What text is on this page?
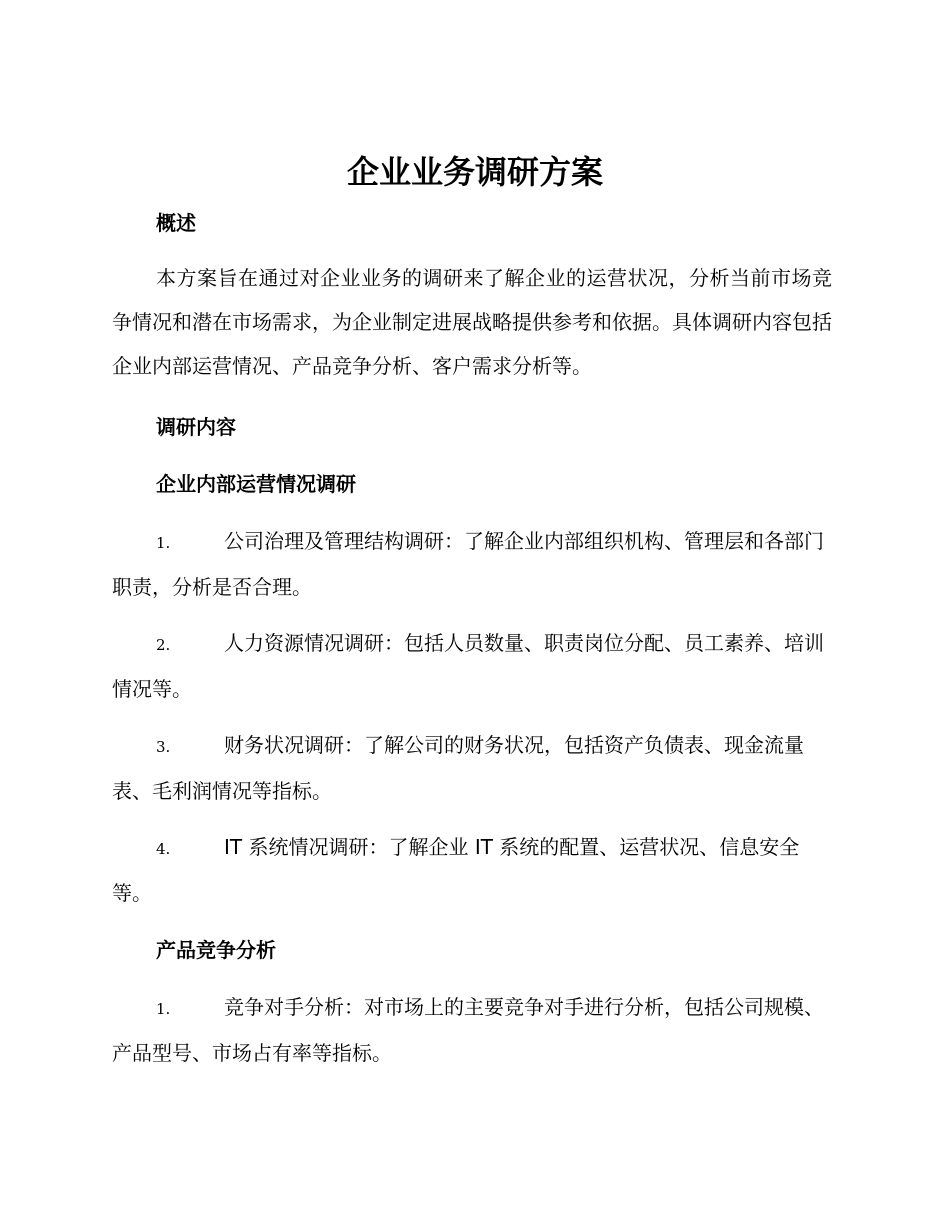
企业业务调研方案
概述
本方案旨在通过对企业业务的调研来了解企业的运营状况，分析当前市场竞争情况和潜在市场需求，为企业制定进展战略提供参考和依据。具体调研内容包括企业内部运营情况、产品竞争分析、客户需求分析等。
调研内容
企业内部运营情况调研
1.	公司治理及管理结构调研：了解企业内部组织机构、管理层和各部门职责，分析是否合理。
2.	人力资源情况调研：包括人员数量、职责岗位分配、员工素养、培训情况等。
3.	财务状况调研：了解公司的财务状况，包括资产负债表、现金流量表、毛利润情况等指标。
4.	IT 系统情况调研：了解企业 IT 系统的配置、运营状况、信息安全等。
产品竞争分析
1.	竞争对手分析：对市场上的主要竞争对手进行分析，包括公司规模、产品型号、市场占有率等指标。
